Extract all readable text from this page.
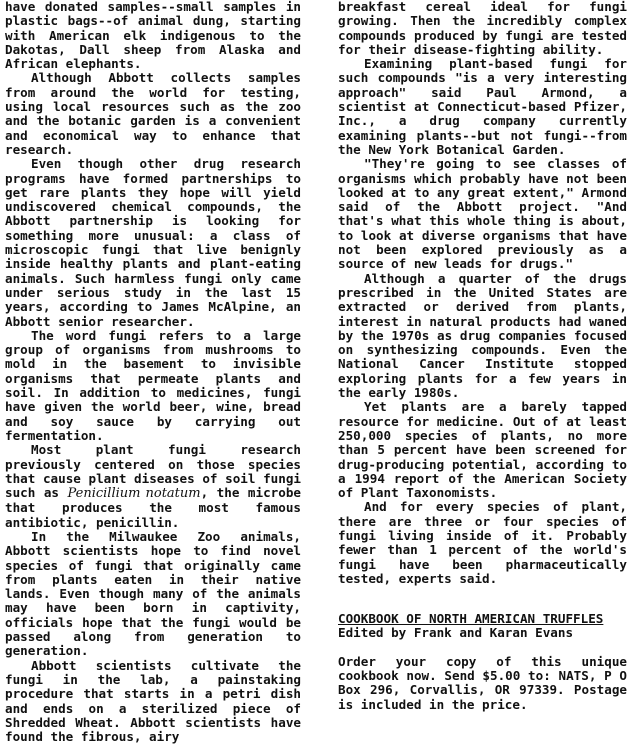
have donated samples--small samples in plastic bags--of animal dung, starting with American elk indigenous to the Dakotas, Dall sheep from Alaska and African elephants.

Although Abbott collects samples from around the world for testing, using local resources such as the zoo and the botanic garden is a convenient and economical way to enhance that research.

Even though other drug research programs have formed partnerships to get rare plants they hope will yield undiscovered chemical compounds, the Abbott partnership is looking for something more unusual: a class of microscopic fungi that live benignly inside healthy plants and plant-eating animals. Such harmless fungi only came under serious study in the last 15 years, according to James McAlpine, an Abbott senior researcher.

The word fungi refers to a large group of organisms from mushrooms to mold in the basement to invisible organisms that permeate plants and soil. In addition to medicines, fungi have given the world beer, wine, bread and soy sauce by carrying out fermentation.

Most plant fungi research previously centered on those species that cause plant diseases of soil fungi such as Penicillium notatum, the microbe that produces the most famous antibiotic, penicillin.

In the Milwaukee Zoo animals, Abbott scientists hope to find novel species of fungi that originally came from plants eaten in their native lands. Even though many of the animals may have been born in captivity, officials hope that the fungi would be passed along from generation to generation.

Abbott scientists cultivate the fungi in the lab, a painstaking procedure that starts in a petri dish and ends on a sterilized piece of Shredded Wheat. Abbott scientists have found the fibrous, airy

breakfast cereal ideal for fungi growing. Then the incredibly complex compounds produced by fungi are tested for their disease-fighting ability.

Examining plant-based fungi for such compounds "is a very interesting approach" said Paul Armond, a scientist at Connecticut-based Pfizer, Inc., a drug company currently examining plants--but not fungi--from the New York Botanical Garden.

"They're going to see classes of organisms which probably have not been looked at to any great extent," Armond said of the Abbott project. "And that's what this whole thing is about, to look at diverse organisms that have not been explored previously as a source of new leads for drugs."

Although a quarter of the drugs prescribed in the United States are extracted or derived from plants, interest in natural products had waned by the 1970s as drug companies focused on synthesizing compounds. Even the National Cancer Institute stopped exploring plants for a few years in the early 1980s.

Yet plants are a barely tapped resource for medicine. Out of at least 250,000 species of plants, no more than 5 percent have been screened for drug-producing potential, according to a 1994 report of the American Society of Plant Taxonomists.

And for every species of plant, there are three or four species of fungi living inside of it. Probably fewer than 1 percent of the world's fungi have been pharmaceutically tested, experts said.

COOKBOOK OF NORTH AMERICAN TRUFFLES

Edited by Frank and Karan Evans

Order your copy of this unique cookbook now. Send $5.00 to: NATS, P O Box 296, Corvallis, OR 97339. Postage is included in the price.
